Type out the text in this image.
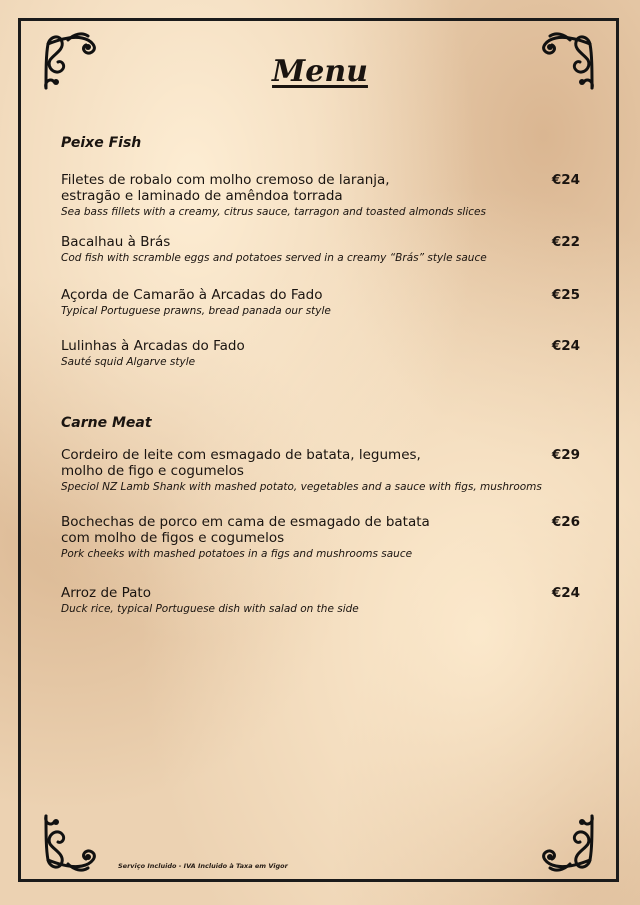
Menu
Peixe Fish
Filetes de robalo com molho cremoso de laranja,
estragão e laminado de amêndoa torrada
Sea bass fillets with a creamy, citrus sauce, tarragon and toasted almonds slices
€24
Bacalhau à Brás
Cod fish with scramble eggs and potatoes served in a creamy “Brás” style sauce
€22
Açorda de Camarão à Arcadas do Fado
Typical Portuguese prawns, bread panada our style
€25
Lulinhas à Arcadas do Fado
Sauté squid Algarve style
€24
Carne Meat
Cordeiro de leite com esmagado de batata, legumes,
molho de figo e cogumelos
Speciol NZ Lamb Shank with mashed potato, vegetables and a sauce with figs, mushrooms
€29
Bochechas de porco em cama de esmagado de batata
com molho de figos e cogumelos
Pork cheeks with mashed potatoes in a figs and mushrooms sauce
€26
Arroz de Pato
Duck rice, typical Portuguese dish with salad on the side
€24
Serviço Incluido - IVA Incluido à Taxa em Vigor
